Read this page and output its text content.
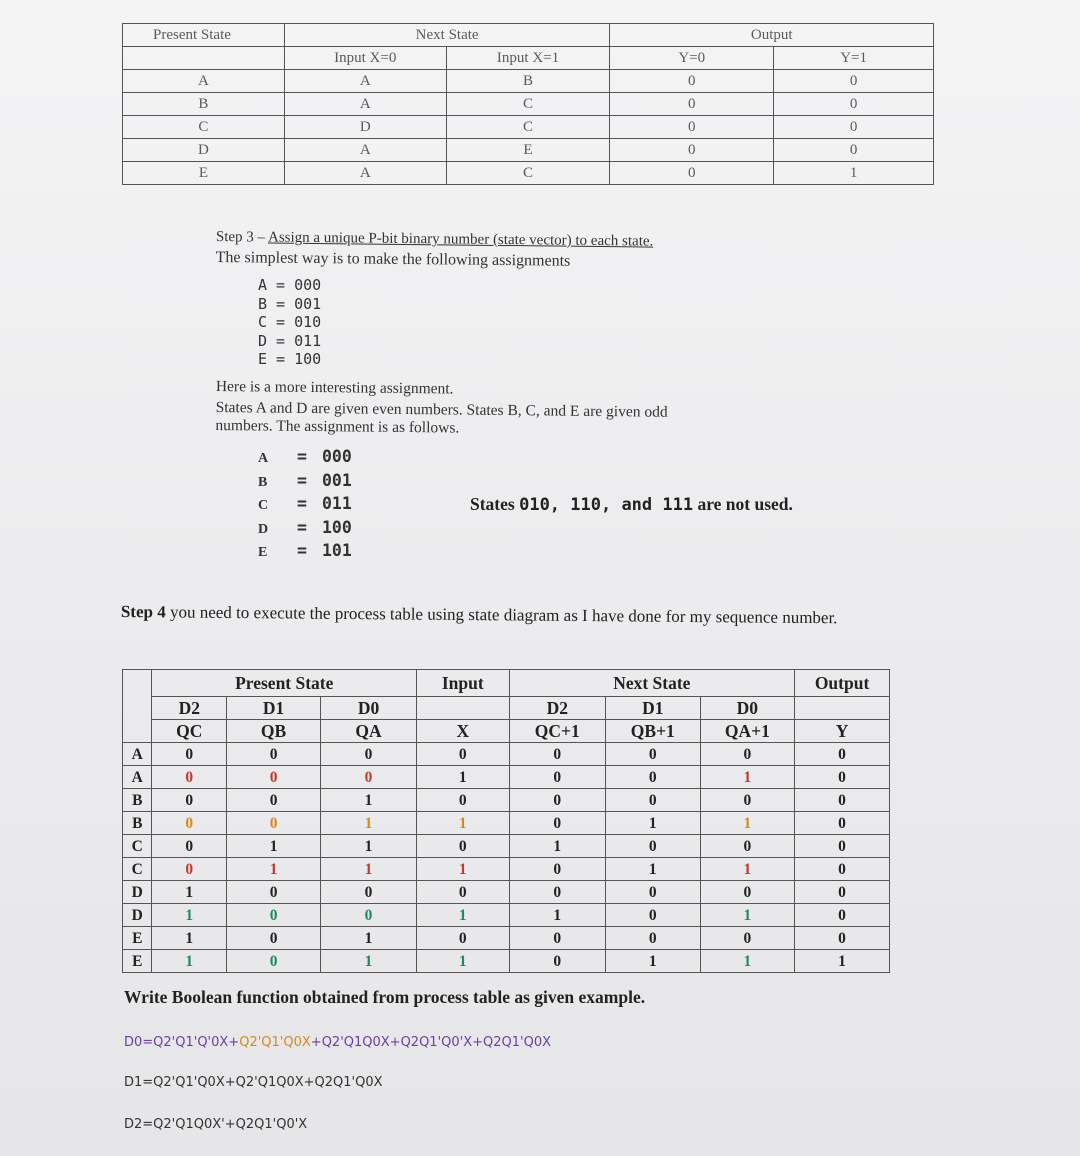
Present State	Next State		Output	
	Input X=0	Input X=1	Y=0	Y=1
A	A	B	0	0
B	A	C	0	0
C	D	C	0	0
D	A	E	0	0
E	A	C	0	1
Step 3 – Assign a unique P-bit binary number (state vector) to each state.
The simplest way is to make the following assignments
A = 000
B = 001
C = 010
D = 011
E = 100
Here is a more interesting assignment.
States A and D are given even numbers. States B, C, and E are given odd
numbers. The assignment is as follows.
A = 000
B = 001
C = 011
D = 100
E = 101
States 010, 110, and 111 are not used.
Step 4 you need to execute the process table using state diagram as I have done for my sequence number.
	Present State			Input	Next State			Output
	D2	D1	D0		D2	D1	D0	
	QC	QB	QA	X	QC+1	QB+1	QA+1	Y
A	0	0	0	0	0	0	0	0
A	0	0	0	1	0	0	1	0
B	0	0	1	0	0	0	0	0
B	0	0	1	1	0	1	1	0
C	0	1	1	0	1	0	0	0
C	0	1	1	1	0	1	1	0
D	1	0	0	0	0	0	0	0
D	1	0	0	1	1	0	1	0
E	1	0	1	0	0	0	0	0
E	1	0	1	1	0	1	1	1
Write Boolean function obtained from process table as given example.
D0=Q2'Q1'Q'0X+Q2'Q1'Q0X+Q2'Q1Q0X+Q2Q1'Q0'X+Q2Q1'Q0X
D1=Q2'Q1'Q0X+Q2'Q1Q0X+Q2Q1'Q0X
D2=Q2'Q1Q0X'+Q2Q1'Q0'X
